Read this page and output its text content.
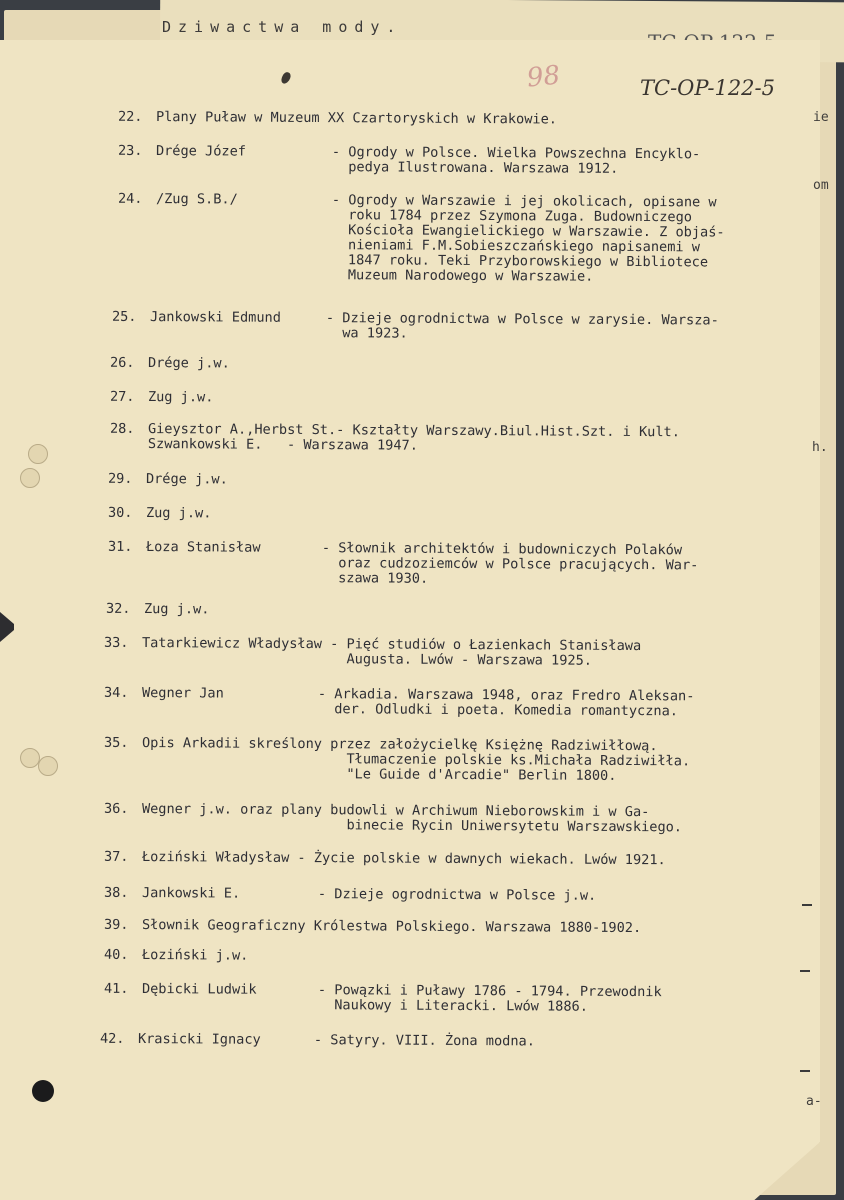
Dziwactwa mody.
98	TC-OP-122-5
22. Plany Puław w Muzeum XX Czartoryskich w Krakowie.
23. Drége Józef	- Ogrody w Polsce. Wielka Powszechna Encyklo-
pedya Ilustrowana. Warszawa 1912.
24. /Zug S.B./	- Ogrody w Warszawie i jej okolicach, opisane w
roku 1784 przez Szymona Zuga. Budowniczego
Kościoła Ewangielickiego w Warszawie. Z objaś-
nieniami F.M.Sobieszczańskiego napisanemi w
1847 roku. Teki Przyborowskiego w Bibliotece
Muzeum Narodowego w Warszawie.
25. Jankowski Edmund	- Dzieje ogrodnictwa w Polsce w zarysie. Warsza-
wa 1923.
26. Drége j.w.
27. Zug j.w.
28. Gieysztor A.,Herbst St.- Kształty Warszawy.Biul.Hist.Szt. i Kult.
Szwankowski E.   - Warszawa 1947.
29. Drége j.w.
30. Zug j.w.
31. Łoza Stanisław	- Słownik architektów i budowniczych Polaków
oraz cudzoziemców w Polsce pracujących. War-
szawa 1930.
32. Zug j.w.
33. Tatarkiewicz Władysław - Pięć studiów o Łazienkach Stanisława
Augusta. Lwów - Warszawa 1925.
34. Wegner Jan	- Arkadia. Warszawa 1948, oraz Fredro Aleksan-
der. Odludki i poeta. Komedia romantyczna.
35. Opis Arkadii skreślony przez założycielkę Księżnę Radziwiłłową.
Tłumaczenie polskie ks.Michała Radziwiłła.
"Le Guide d'Arcadie" Berlin 1800.
36. Wegner j.w. oraz plany budowli w Archiwum Nieborowskim i w Ga-
binecie Rycin Uniwersytetu Warszawskiego.
37. Łoziński Władysław - Życie polskie w dawnych wiekach. Lwów 1921.
38. Jankowski E.	- Dzieje ogrodnictwa w Polsce j.w.
39. Słownik Geograficzny Królestwa Polskiego. Warszawa 1880-1902.
40. Łoziński j.w.
41. Dębicki Ludwik	- Powązki i Puławy 1786 - 1794. Przewodnik
Naukowy i Literacki. Lwów 1886.
42. Krasicki Ignacy	- Satyry. VIII. Żona modna.
ie
om
h.
a-
